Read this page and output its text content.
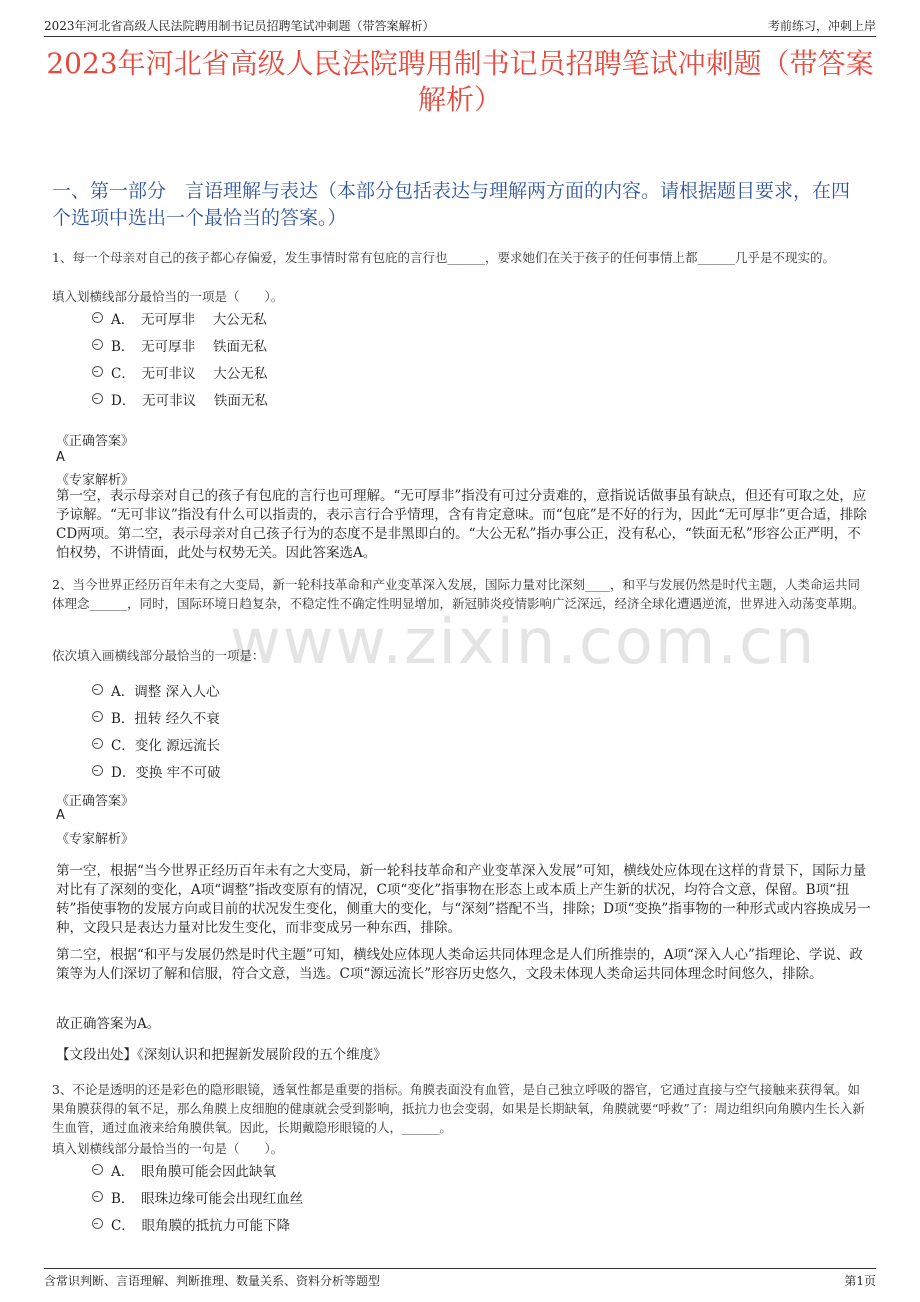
2023年河北省高级人民法院聘用制书记员招聘笔试冲刺题（带答案解析）	考前练习，冲刺上岸
2023年河北省高级人民法院聘用制书记员招聘笔试冲刺题（带答案解析）
一、第一部分　言语理解与表达（本部分包括表达与理解两方面的内容。请根据题目要求，在四个选项中选出一个最恰当的答案。）
www.zixin.com.cn
1、每一个母亲对自己的孩子都心存偏爱，发生事情时常有包庇的言行也______，要求她们在关于孩子的任何事情上都______几乎是不现实的。
填入划横线部分最恰当的一项是（　　）。
A．　无可厚非　 大公无私
B．　无可厚非　 铁面无私
C．　无可非议　 大公无私
D．　无可非议　 铁面无私
《正确答案》
A
《专家解析》
第一空，表示母亲对自己的孩子有包庇的言行也可理解。“无可厚非”指没有可过分责难的，意指说话做事虽有缺点，但还有可取之处，应予谅解。“无可非议”指没有什么可以指责的，表示言行合乎情理，含有肯定意味。而“包庇”是不好的行为，因此“无可厚非”更合适，排除CD两项。第二空，表示母亲对自己孩子行为的态度不是非黑即白的。“大公无私”指办事公正，没有私心，“铁面无私”形容公正严明，不怕权势，不讲情面，此处与权势无关。因此答案选A。
2、当今世界正经历百年未有之大变局，新一轮科技革命和产业变革深入发展，国际力量对比深刻____，和平与发展仍然是时代主题，人类命运共同体理念______，同时，国际环境日趋复杂，不稳定性不确定性明显增加，新冠肺炎疫情影响广泛深远，经济全球化遭遇逆流，世界进入动荡变革期。
依次填入画横线部分最恰当的一项是：
A．调整 深入人心
B．扭转 经久不衰
C．变化 源远流长
D．变换 牢不可破
《正确答案》
A
《专家解析》
第一空，根据“当今世界正经历百年未有之大变局，新一轮科技革命和产业变革深入发展”可知，横线处应体现在这样的背景下，国际力量对比有了深刻的变化，A项“调整”指改变原有的情况，C项“变化”指事物在形态上或本质上产生新的状况，均符合文意，保留。B项“扭转”指使事物的发展方向或目前的状况发生变化，侧重大的变化，与“深刻”搭配不当，排除；D项“变换”指事物的一种形式或内容换成另一种，文段只是表达力量对比发生变化，而非变成另一种东西，排除。
第二空，根据“和平与发展仍然是时代主题”可知，横线处应体现人类命运共同体理念是人们所推崇的，A项“深入人心”指理论、学说、政策等为人们深切了解和信服，符合文意，当选。C项“源远流长”形容历史悠久，文段未体现人类命运共同体理念时间悠久，排除。
故正确答案为A。
【文段出处】《深刻认识和把握新发展阶段的五个维度》
3、不论是透明的还是彩色的隐形眼镜，透氧性都是重要的指标。角膜表面没有血管，是自己独立呼吸的器官，它通过直接与空气接触来获得氧。如果角膜获得的氧不足，那么角膜上皮细胞的健康就会受到影响，抵抗力也会变弱，如果是长期缺氧，角膜就要“呼救”了：周边组织向角膜内生长入新生血管，通过血液来给角膜供氧。因此，长期戴隐形眼镜的人，______。
填入划横线部分最恰当的一句是（　　）。
A．　眼角膜可能会因此缺氧
B．　眼珠边缘可能会出现红血丝
C．　眼角膜的抵抗力可能下降
含常识判断、言语理解、判断推理、数量关系、资料分析等题型	第1页
